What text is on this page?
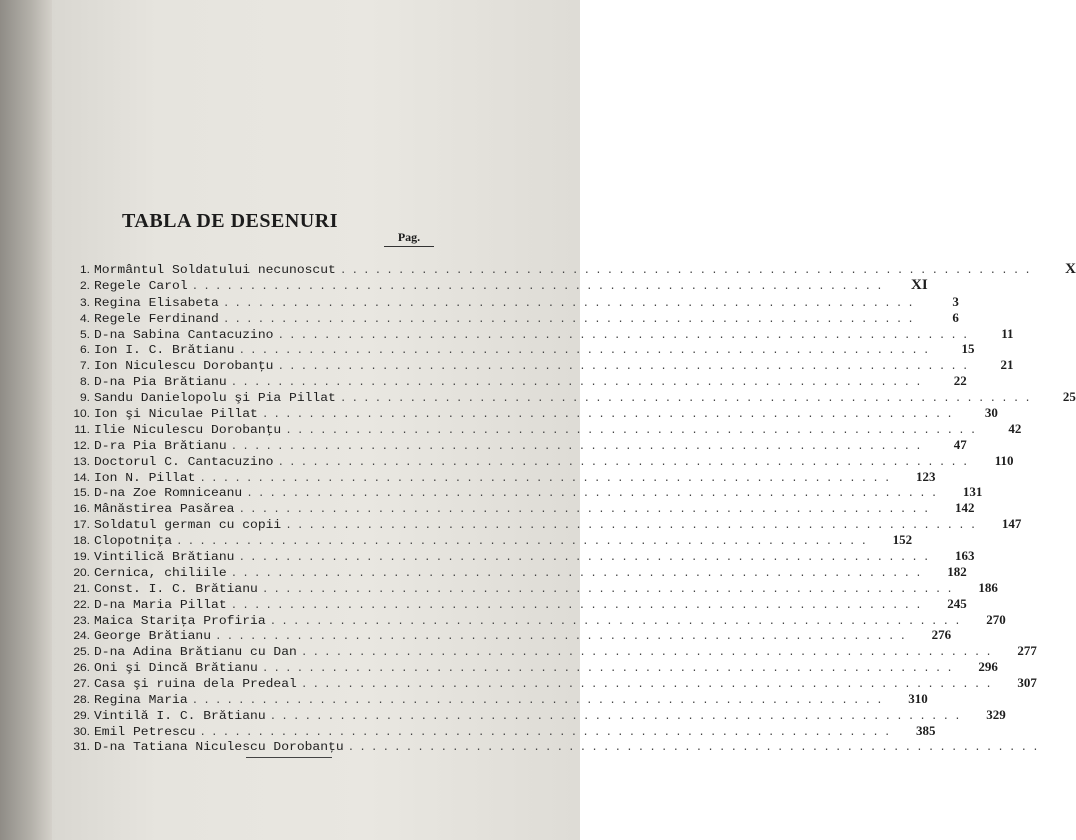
TABLA DE DESENURI
Pag.
1. Mormântul Soldatului necunoscut ............................................................	X
2. Regele Carol ............................................................	XI
3. Regina Elisabeta ............................................................	3
4. Regele Ferdinand ............................................................	6
5. D-na Sabina Cantacuzino ............................................................	11
6. Ion I. C. Brătianu ............................................................	15
7. Ion Niculescu Dorobanţu ............................................................	21
8. D-na Pia Brătianu ............................................................	22
9. Sandu Danielopolu şi Pia Pillat ............................................................	25
10. Ion şi Niculae Pillat ............................................................	30
11. Ilie Niculescu Dorobanţu ............................................................	42
12. D-ra Pia Brătianu ............................................................	47
13. Doctorul C. Cantacuzino ............................................................	110
14. Ion N. Pillat ............................................................	123
15. D-na Zoe Romniceanu ............................................................	131
16. Mânăstirea Pasărea ............................................................	142
17. Soldatul german cu copii ............................................................	147
18. Clopotniţa ............................................................	152
19. Vintilică Brătianu ............................................................	163
20. Cernica, chiliile ............................................................	182
21. Const. I. C. Brătianu ............................................................	186
22. D-na Maria Pillat ............................................................	245
23. Maica Stariţa Profiria ............................................................	270
24. George Brătianu ............................................................	276
25. D-na Adina Brătianu cu Dan ............................................................	277
26. Oni şi Dincă Brătianu ............................................................	296
27. Casa şi ruina dela Predeal ............................................................	307
28. Regina Maria ............................................................	310
29. Vintilă I. C. Brătianu ............................................................	329
30. Emil Petrescu ............................................................	385
31. D-na Tatiana Niculescu Dorobanţu ............................................................
